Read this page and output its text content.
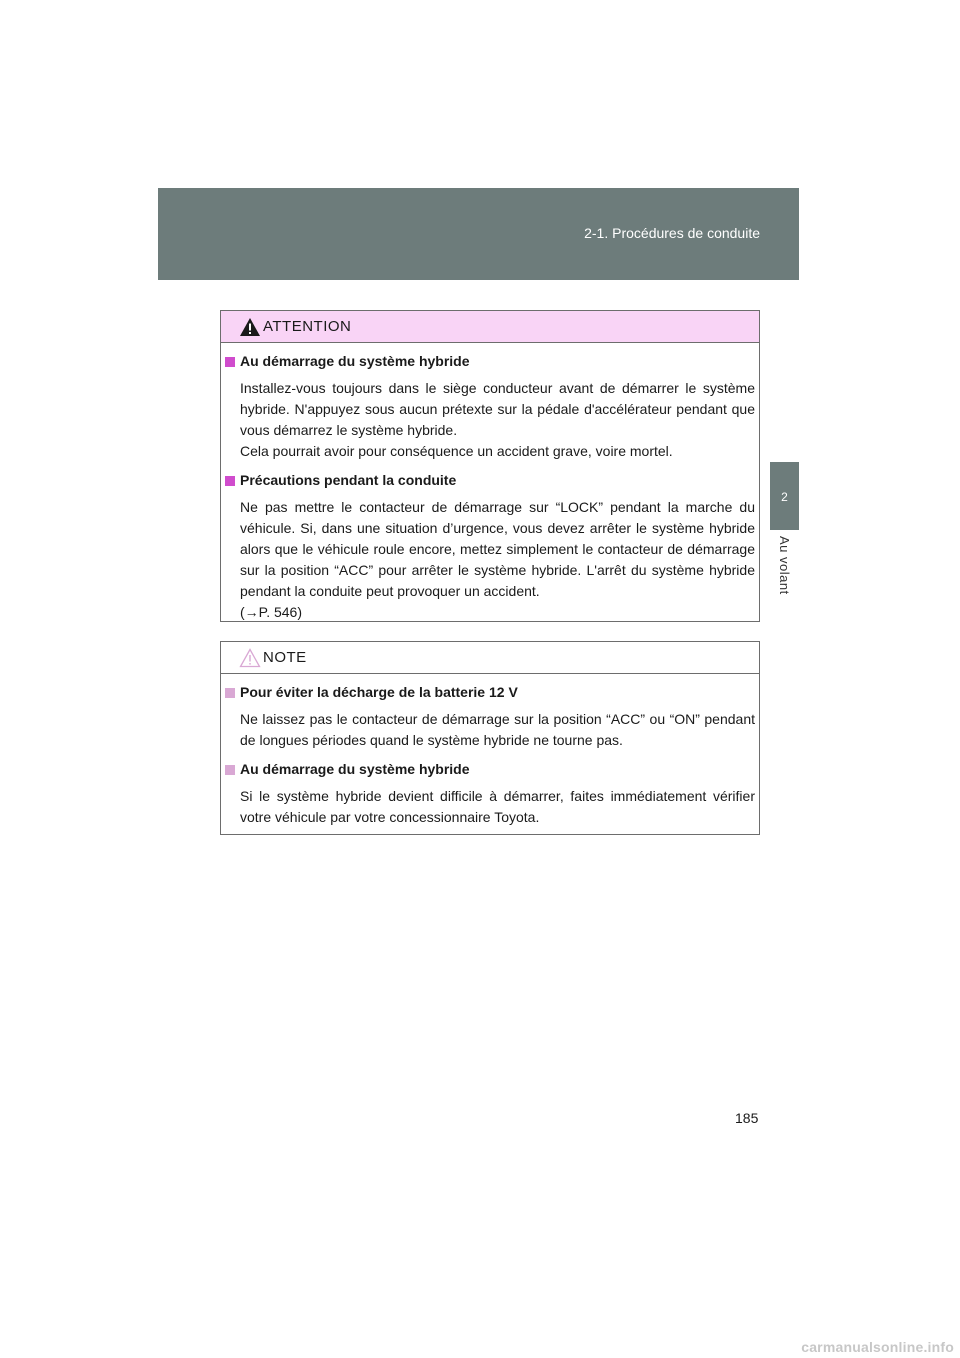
2-1. Procédures de conduite
2
Au volant
ATTENTION
Au démarrage du système hybride
Installez-vous toujours dans le siège conducteur avant de démarrer le système hybride. N'appuyez sous aucun prétexte sur la pédale d'accélérateur pendant que vous démarrez le système hybride.
Cela pourrait avoir pour conséquence un accident grave, voire mortel.
Précautions pendant la conduite
Ne pas mettre le contacteur de démarrage sur “LOCK” pendant la marche du véhicule. Si, dans une situation d’urgence, vous devez arrêter le système hybride alors que le véhicule roule encore, mettez simplement le contacteur de démarrage sur la position “ACC” pour arrêter le système hybride. L'arrêt du système hybride pendant la conduite peut provoquer un accident.
(→P. 546)
NOTE
Pour éviter la décharge de la batterie 12 V
Ne laissez pas le contacteur de démarrage sur la position “ACC” ou “ON” pendant de longues périodes quand le système hybride ne tourne pas.
Au démarrage du système hybride
Si le système hybride devient difficile à démarrer, faites immédiatement vérifier votre véhicule par votre concessionnaire Toyota.
185
carmanualsonline.info
